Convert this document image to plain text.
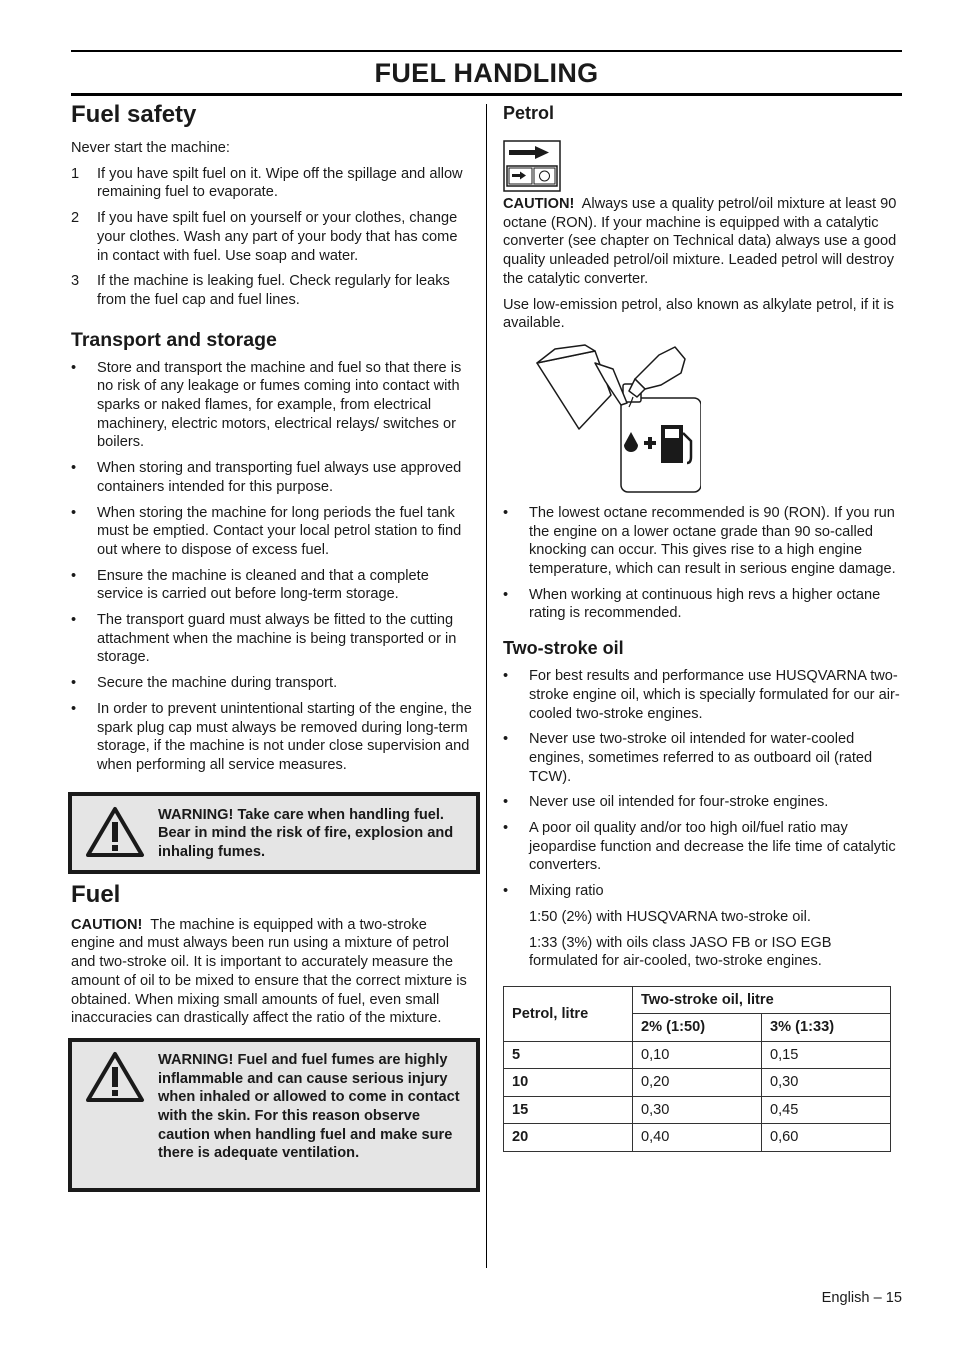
FUEL HANDLING
Fuel safety

Never start the machine:

1	If you have spilt fuel on it. Wipe off the spillage and allow remaining fuel to evaporate.
2	If you have spilt fuel on yourself or your clothes, change your clothes. Wash any part of your body that has come in contact with fuel. Use soap and water.
3	If the machine is leaking fuel. Check regularly for leaks from the fuel cap and fuel lines.
Transport and storage
•	Store and transport the machine and fuel so that there is no risk of any leakage or fumes coming into contact with sparks or naked flames, for example, from electrical machinery, electric motors, electrical relays/ switches or boilers.
•	When storing and transporting fuel always use approved containers intended for this purpose.
•	When storing the machine for long periods the fuel tank must be emptied. Contact your local petrol station to find out where to dispose of excess fuel.
•	Ensure the machine is cleaned and that a complete service is carried out before long-term storage.
•	The transport guard must always be fitted to the cutting attachment when the machine is being transported or in storage.
•	Secure the machine during transport.
•	In order to prevent unintentional starting of the engine, the spark plug cap must always be removed during long-term storage, if the machine is not under close supervision and when performing all service measures.
WARNING! Take care when handling fuel. Bear in mind the risk of fire, explosion and inhaling fumes.
Fuel

CAUTION! The machine is equipped with a two-stroke engine and must always been run using a mixture of petrol and two-stroke oil. It is important to accurately measure the amount of oil to be mixed to ensure that the correct mixture is obtained. When mixing small amounts of fuel, even small inaccuracies can drastically affect the ratio of the mixture.

WARNING! Fuel and fuel fumes are highly inflammable and can cause serious injury when inhaled or allowed to come in contact with the skin. For this reason observe caution when handling fuel and make sure there is adequate ventilation.
Petrol

CAUTION! Always use a quality petrol/oil mixture at least 90 octane (RON). If your machine is equipped with a catalytic converter (see chapter on Technical data) always use a good quality unleaded petrol/oil mixture. Leaded petrol will destroy the catalytic converter.

Use low-emission petrol, also known as alkylate petrol, if it is available.

•	The lowest octane recommended is 90 (RON). If you run the engine on a lower octane grade than 90 so-called knocking can occur. This gives rise to a high engine temperature, which can result in serious engine damage.
•	When working at continuous high revs a higher octane rating is recommended.
Two-stroke oil
•	For best results and performance use HUSQVARNA two-stroke engine oil, which is specially formulated for our air-cooled two-stroke engines.
•	Never use two-stroke oil intended for water-cooled engines, sometimes referred to as outboard oil (rated TCW).
•	Never use oil intended for four-stroke engines.
•	A poor oil quality and/or too high oil/fuel ratio may jeopardise function and decrease the life time of catalytic converters.
•	Mixing ratio

1:50 (2%) with HUSQVARNA two-stroke oil.

1:33 (3%) with oils class JASO FB or ISO EGB formulated for air-cooled, two-stroke engines.

Petrol, litre	Two-stroke oil, litre	
	2% (1:50)	3% (1:33)
5	0,10	0,15
10	0,20	0,30
15	0,30	0,45
20	0,40	0,60
English – 15
